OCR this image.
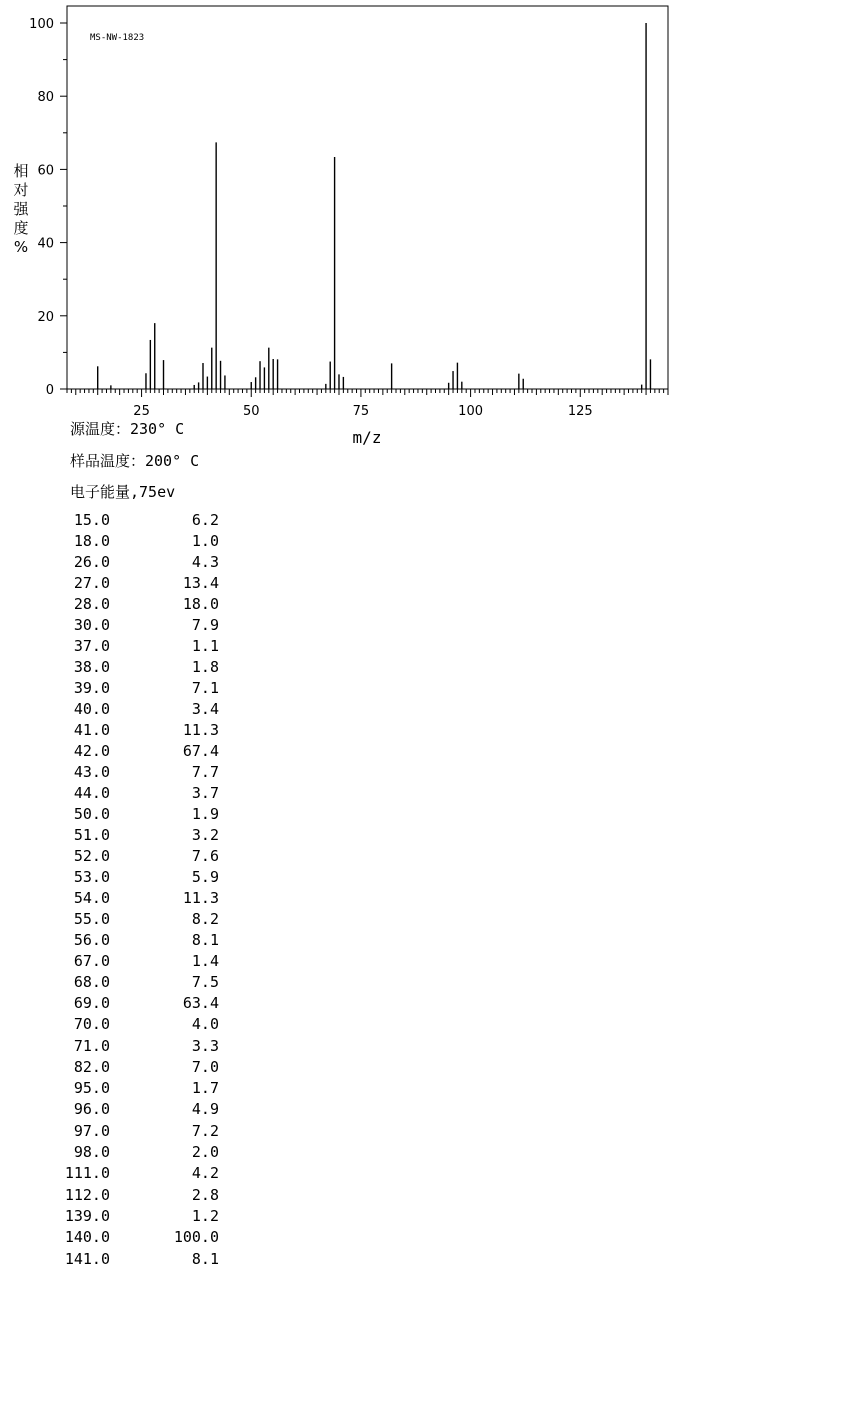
MS-NW-1823
0
20
40
60
80
100
25	50	75	100	125
m/z
相
对
强
度
%
源温度：230° C
样品温度：200° C
电子能量,75ev
15.0	6.2
18.0	1.0
26.0	4.3
27.0	13.4
28.0	18.0
30.0	7.9
37.0	1.1
38.0	1.8
39.0	7.1
40.0	3.4
41.0	11.3
42.0	67.4
43.0	7.7
44.0	3.7
50.0	1.9
51.0	3.2
52.0	7.6
53.0	5.9
54.0	11.3
55.0	8.2
56.0	8.1
67.0	1.4
68.0	7.5
69.0	63.4
70.0	4.0
71.0	3.3
82.0	7.0
95.0	1.7
96.0	4.9
97.0	7.2
98.0	2.0
111.0	4.2
112.0	2.8
139.0	1.2
140.0	100.0
141.0	8.1
